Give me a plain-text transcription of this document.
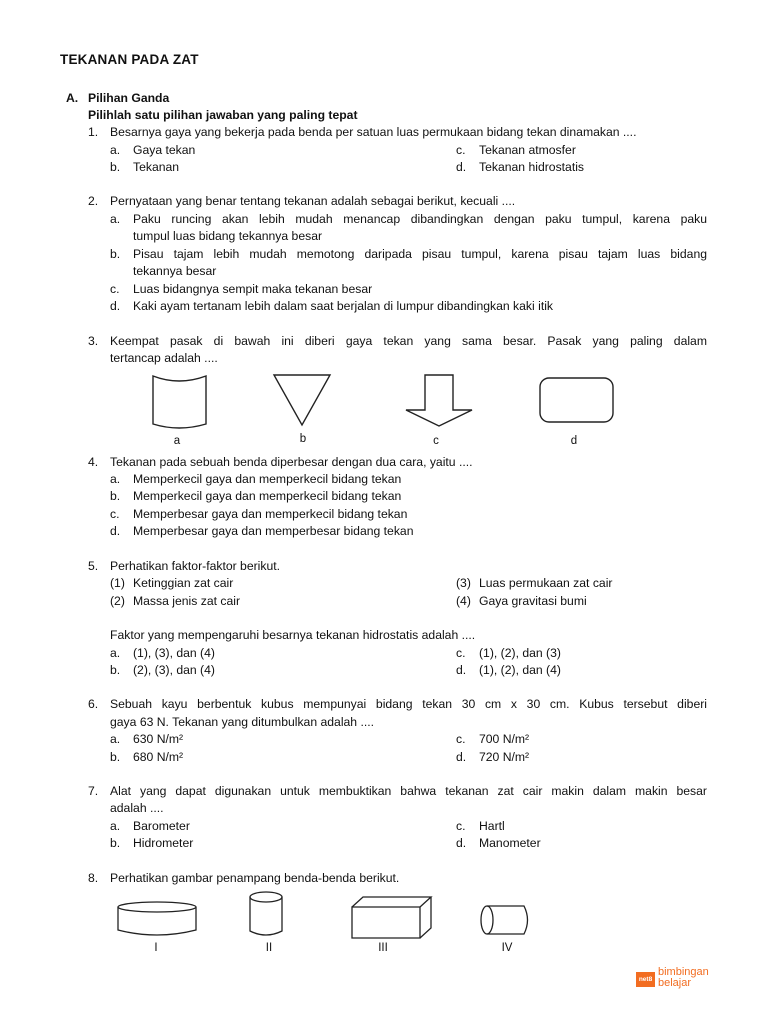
TEKANAN PADA ZAT
A. Pilihan Ganda
Pilihlah satu pilihan jawaban yang paling tepat
1. Besarnya gaya yang bekerja pada benda per satuan luas permukaan bidang tekan dinamakan ....
a. Gaya tekan
b. Tekanan
c. Tekanan atmosfer
d. Tekanan hidrostatis
2. Pernyataan yang benar tentang tekanan adalah sebagai berikut, kecuali ....
a. Paku runcing akan lebih mudah menancap dibandingkan dengan paku tumpul, karena paku
tumpul luas bidang tekannya besar
b. Pisau tajam lebih mudah memotong daripada pisau tumpul, karena pisau tajam luas bidang
tekannya besar
c. Luas bidangnya sempit maka tekanan besar
d. Kaki ayam tertanam lebih dalam saat berjalan di lumpur dibandingkan kaki itik
3. Keempat pasak di bawah ini diberi gaya tekan yang sama besar. Pasak yang paling dalam
tertancap adalah ....
a	b	c	d
4. Tekanan pada sebuah benda diperbesar dengan dua cara, yaitu ....
a. Memperkecil gaya dan memperkecil bidang tekan
b. Memperkecil gaya dan memperkecil bidang tekan
c. Memperbesar gaya dan memperkecil bidang tekan
d. Memperbesar gaya dan memperbesar bidang tekan
5. Perhatikan faktor-faktor berikut.
(1) Ketinggian zat cair
(2) Massa jenis zat cair
(3) Luas permukaan zat cair
(4) Gaya gravitasi bumi
Faktor yang mempengaruhi besarnya tekanan hidrostatis adalah ....
a. (1), (3), dan (4)
b. (2), (3), dan (4)
c. (1), (2), dan (3)
d. (1), (2), dan (4)
6. Sebuah kayu berbentuk kubus mempunyai bidang tekan 30 cm x 30 cm. Kubus tersebut diberi
gaya 63 N. Tekanan yang ditumbulkan adalah ....
a. 630 N/m²
b. 680 N/m²
c. 700 N/m²
d. 720 N/m²
7. Alat yang dapat digunakan untuk membuktikan bahwa tekanan zat cair makin dalam makin besar
adalah ....
a. Barometer
b. Hidrometer
c. Hartl
d. Manometer
8. Perhatikan gambar penampang benda-benda berikut.
I	II	III	IV
net8
bimbingan
belajar
